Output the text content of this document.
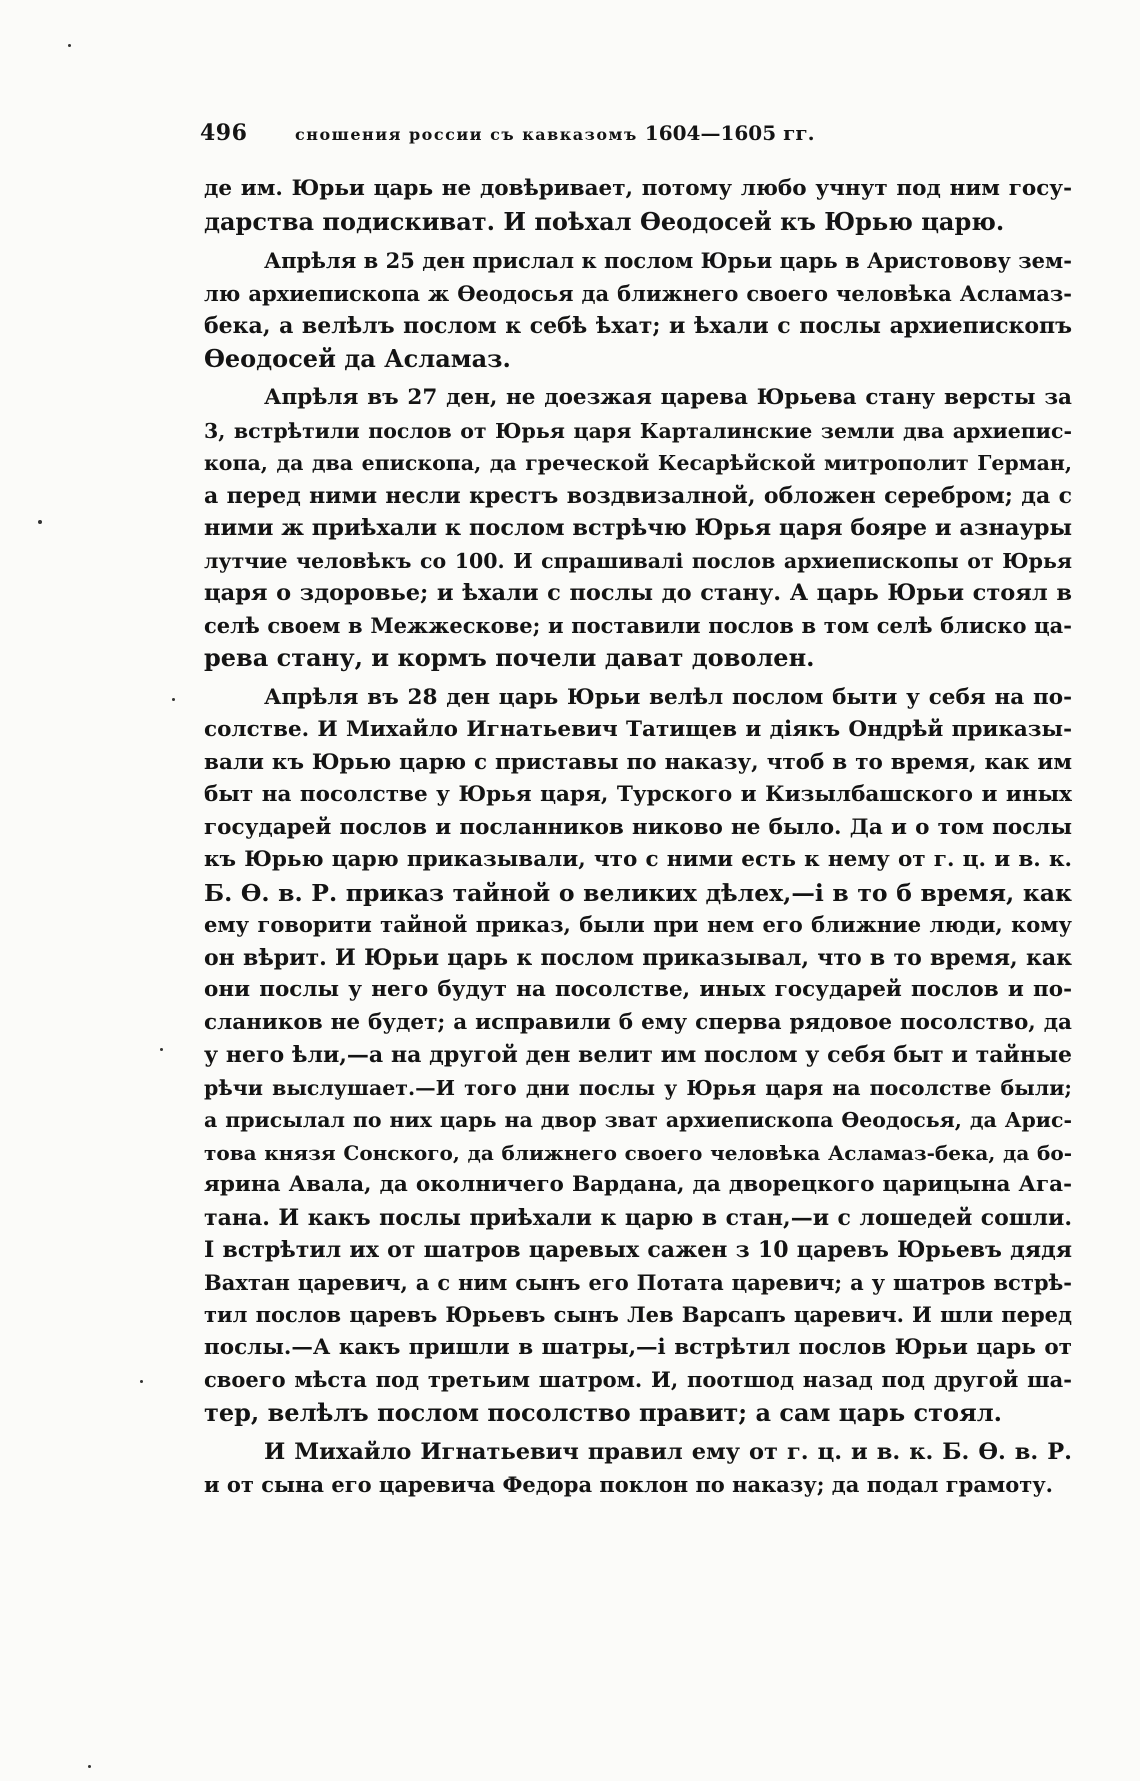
496	сношения россии съ кавказомъ 1604—1605 гг.
де им. Юрьи царь не довѣривает, потому любо учнут под ним госу-
дарства подискиват. И поѣхал Өеодосей къ Юрью царю.
Апрѣля в 25 ден прислал к послом Юрьи царь в Аристовову зем-
лю архиепископа ж Өеодосья да ближнего своего человѣка Асламаз-
бека, а велѣлъ послом к себѣ ѣхат; и ѣхали с послы архиепископъ
Өеодосей да Асламаз.
Апрѣля въ 27 ден, не доезжая царева Юрьева стану версты за
3, встрѣтили послов от Юрья царя Карталинские земли два архиепис-
копа, да два епископа, да греческой Кесарѣйской митрополит Герман,
а перед ними несли крестъ воздвизалной, обложен серебром; да с
ними ж приѣхали к послом встрѣчю Юрья царя бояре и азнауры
лутчие человѣкъ со 100. И спрашивалі послов архиепископы от Юрья
царя о здоровье; и ѣхали с послы до стану. А царь Юрьи стоял в
селѣ своем в Межжескове; и поставили послов в том селѣ блиско ца-
рева стану, и кормъ почели дават доволен.
Апрѣля въ 28 ден царь Юрьи велѣл послом быти у себя на по-
солстве. И Михайло Игнатьевич Татищев и діякъ Ондрѣй приказы-
вали къ Юрью царю с приставы по наказу, чтоб в то время, как им
быт на посолстве у Юрья царя, Турского и Кизылбашского и иных
государей послов и посланников никово не было. Да и о том послы
къ Юрью царю приказывали, что с ними есть к нему от г. ц. и в. к.
Б. Ө. в. Р. приказ тайной о великих дѣлех,—і в то б время, как
ему говорити тайной приказ, были при нем его ближние люди, кому
он вѣрит. И Юрьи царь к послом приказывал, что в то время, как
они послы у него будут на посолстве, иных государей послов и по-
слаников не будет; а исправили б ему сперва рядовое посолство, да
у него ѣли,—а на другой ден велит им послом у себя быт и тайные
рѣчи выслушает.—И того дни послы у Юрья царя на посолстве были;
а присылал по них царь на двор зват архиепископа Өеодосья, да Арис-
това князя Сонского, да ближнего своего человѣка Асламаз-бека, да бо-
ярина Авала, да околничего Вардана, да дворецкого царицына Ага-
тана. И какъ послы приѣхали к царю в стан,—и с лошедей сошли.
І встрѣтил их от шатров царевых сажен з 10 царевъ Юрьевъ дядя
Вахтан царевич, а с ним сынъ его Потата царевич; а у шатров встрѣ-
тил послов царевъ Юрьевъ сынъ Лев Варсапъ царевич. И шли перед
послы.—А какъ пришли в шатры,—і встрѣтил послов Юрьи царь от
своего мѣста под третьим шатром. И, поотшод назад под другой ша-
тер, велѣлъ послом посолство правит; а сам царь стоял.
И Михайло Игнатьевич правил ему от г. ц. и в. к. Б. Ө. в. Р.
и от сына его царевича Федора поклон по наказу; да подал грамоту.
